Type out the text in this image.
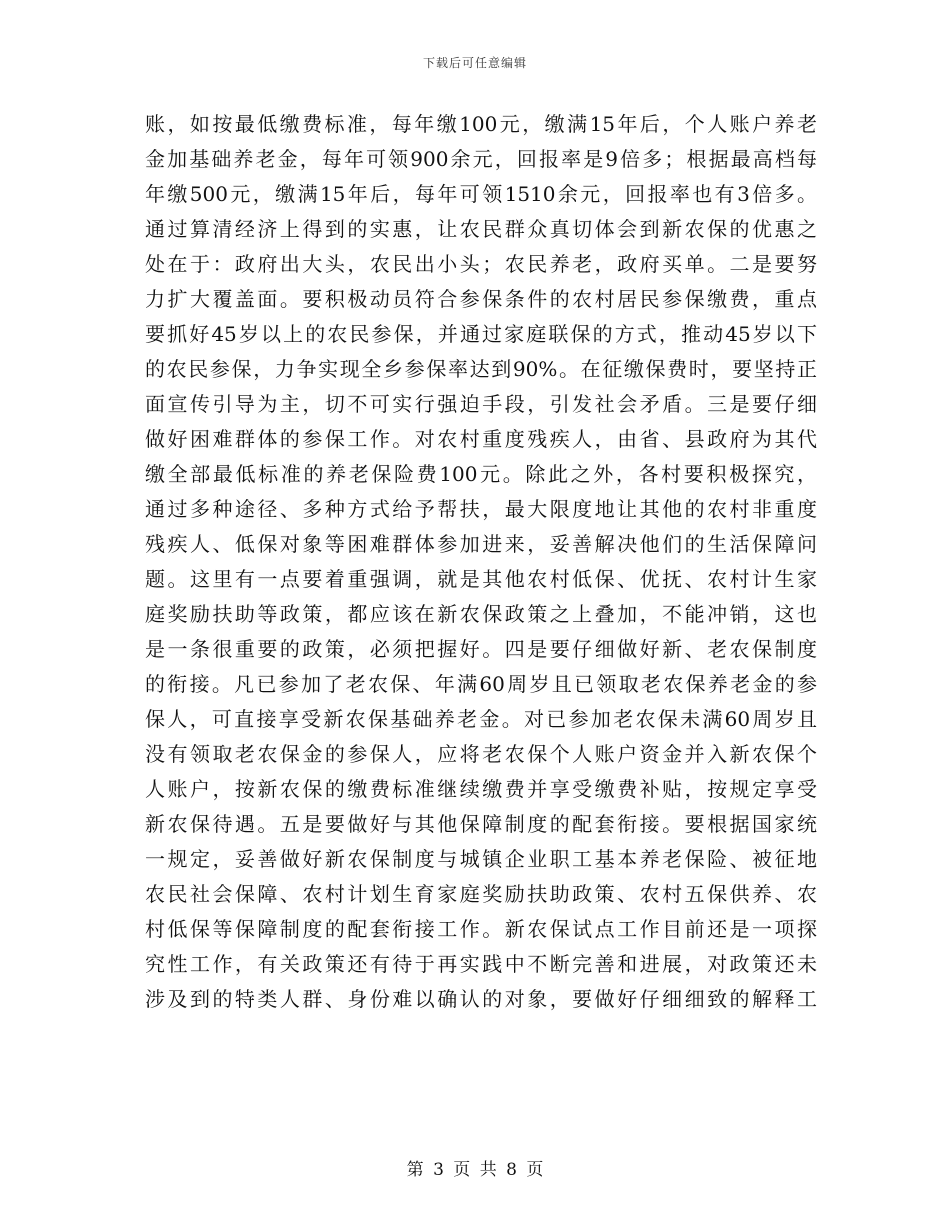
下载后可任意编辑
账，如按最低缴费标准，每年缴100元，缴满15年后，个人账户养老
金加基础养老金，每年可领900余元，回报率是9倍多；根据最高档每
年缴500元，缴满15年后，每年可领1510余元，回报率也有3倍多。
通过算清经济上得到的实惠，让农民群众真切体会到新农保的优惠之
处在于：政府出大头，农民出小头；农民养老，政府买单。二是要努
力扩大覆盖面。要积极动员符合参保条件的农村居民参保缴费，重点
要抓好45岁以上的农民参保，并通过家庭联保的方式，推动45岁以下
的农民参保，力争实现全乡参保率达到90%。在征缴保费时，要坚持正
面宣传引导为主，切不可实行强迫手段，引发社会矛盾。三是要仔细
做好困难群体的参保工作。对农村重度残疾人，由省、县政府为其代
缴全部最低标准的养老保险费100元。除此之外，各村要积极探究，
通过多种途径、多种方式给予帮扶，最大限度地让其他的农村非重度
残疾人、低保对象等困难群体参加进来，妥善解决他们的生活保障问
题。这里有一点要着重强调，就是其他农村低保、优抚、农村计生家
庭奖励扶助等政策，都应该在新农保政策之上叠加，不能冲销，这也
是一条很重要的政策，必须把握好。四是要仔细做好新、老农保制度
的衔接。凡已参加了老农保、年满60周岁且已领取老农保养老金的参
保人，可直接享受新农保基础养老金。对已参加老农保未满60周岁且
没有领取老农保金的参保人，应将老农保个人账户资金并入新农保个
人账户，按新农保的缴费标准继续缴费并享受缴费补贴，按规定享受
新农保待遇。五是要做好与其他保障制度的配套衔接。要根据国家统
一规定，妥善做好新农保制度与城镇企业职工基本养老保险、被征地
农民社会保障、农村计划生育家庭奖励扶助政策、农村五保供养、农
村低保等保障制度的配套衔接工作。新农保试点工作目前还是一项探
究性工作，有关政策还有待于再实践中不断完善和进展，对政策还未
涉及到的特类人群、身份难以确认的对象，要做好仔细细致的解释工
第 3 页 共 8 页
